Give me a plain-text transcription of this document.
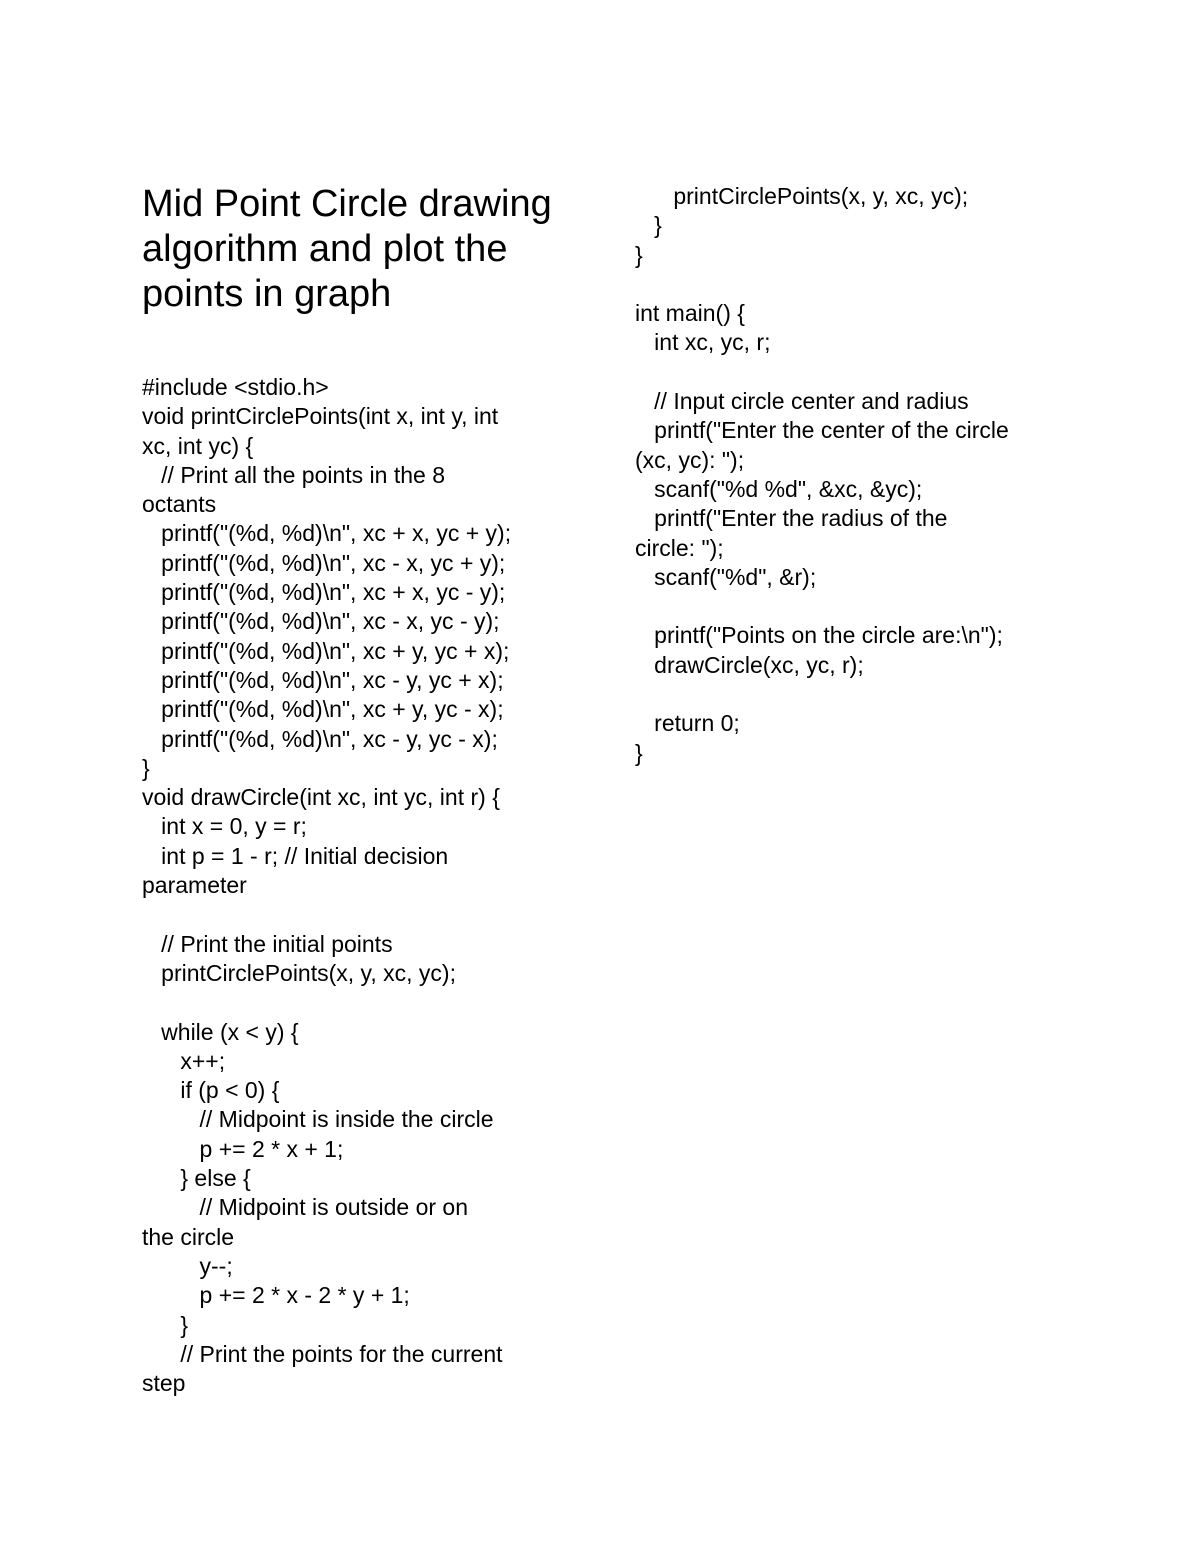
Mid Point Circle drawing algorithm and plot the points in graph
#include <stdio.h>
void printCirclePoints(int x, int y, int
xc, int yc) {
// Print all the points in the 8
octants
printf("(%d, %d)\n", xc + x, yc + y);
printf("(%d, %d)\n", xc - x, yc + y);
printf("(%d, %d)\n", xc + x, yc - y);
printf("(%d, %d)\n", xc - x, yc - y);
printf("(%d, %d)\n", xc + y, yc + x);
printf("(%d, %d)\n", xc - y, yc + x);
printf("(%d, %d)\n", xc + y, yc - x);
printf("(%d, %d)\n", xc - y, yc - x);
}
void drawCircle(int xc, int yc, int r) {
int x = 0, y = r;
int p = 1 - r; // Initial decision
parameter
// Print the initial points
printCirclePoints(x, y, xc, yc);
while (x < y) {
x++;
if (p < 0) {
// Midpoint is inside the circle
p += 2 * x + 1;
} else {
// Midpoint is outside or on
the circle
y--;
p += 2 * x - 2 * y + 1;
}
// Print the points for the current
step
printCirclePoints(x, y, xc, yc);
}
}
int main() {
int xc, yc, r;
// Input circle center and radius
printf("Enter the center of the circle
(xc, yc): ");
scanf("%d %d", &xc, &yc);
printf("Enter the radius of the
circle: ");
scanf("%d", &r);
printf("Points on the circle are:\n");
drawCircle(xc, yc, r);
return 0;
}
